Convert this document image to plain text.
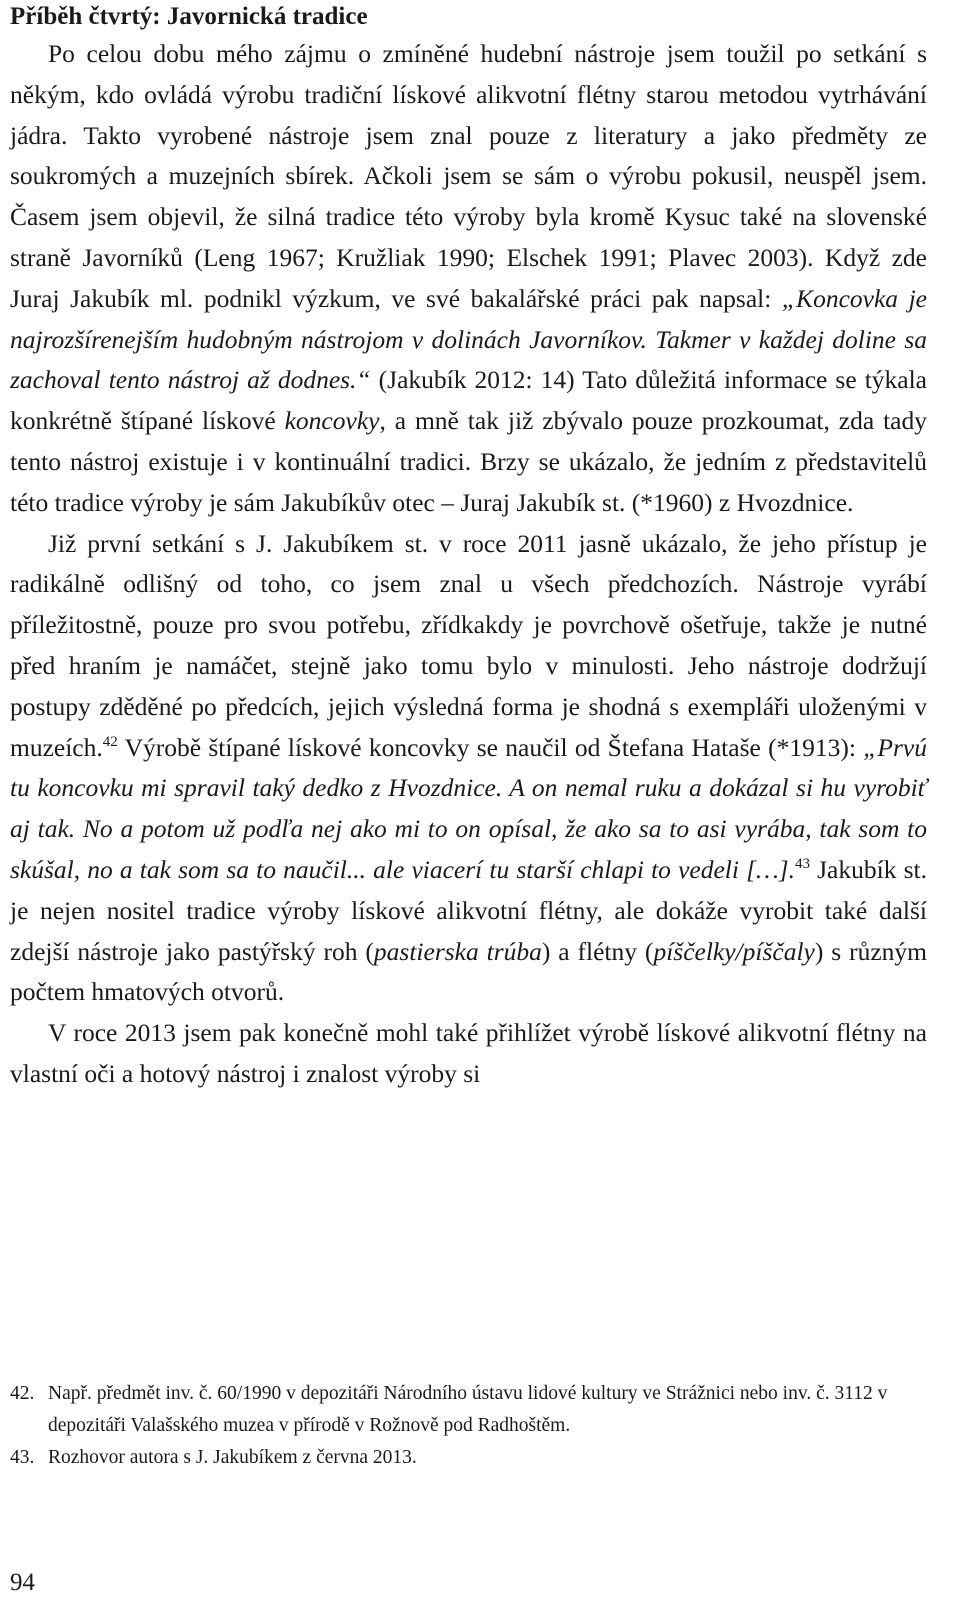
Příběh čtvrtý: Javornická tradice

Po celou dobu mého zájmu o zmíněné hudební nástroje jsem toužil po setkání s někým, kdo ovládá výrobu tradiční lískové alikvotní flétny starou metodou vytrhávání jádra. Takto vyrobené nástroje jsem znal pouze z literatury a jako předměty ze soukromých a muzejních sbírek. Ačkoli jsem se sám o výrobu pokusil, neuspěl jsem. Časem jsem objevil, že silná tradice této výroby byla kromě Kysuc také na slovenské straně Javorníků (Leng 1967; Kružliak 1990; Elschek 1991; Plavec 2003). Když zde Juraj Jakubík ml. podnikl výzkum, ve své bakalářské práci pak napsal: „Koncovka je najrozšírenejším hudobným nástrojom v dolinách Javorníkov. Takmer v každej doline sa zachoval tento nástroj až dodnes.“ (Jakubík 2012: 14) Tato důležitá informace se týkala konkrétně štípané lískové koncovky, a mně tak již zbývalo pouze prozkoumat, zda tady tento nástroj existuje i v kontinuální tradici. Brzy se ukázalo, že jedním z představitelů této tradice výroby je sám Jakubíkův otec – Juraj Jakubík st. (*1960) z Hvozdnice.

Již první setkání s J. Jakubíkem st. v roce 2011 jasně ukázalo, že jeho přístup je radikálně odlišný od toho, co jsem znal u všech předchozích. Nástroje vyrábí příležitostně, pouze pro svou potřebu, zřídkakdy je povrchově ošetřuje, takže je nutné před hraním je namáčet, stejně jako tomu bylo v minulosti. Jeho nástroje dodržují postupy zděděné po předcích, jejich výsledná forma je shodná s exempláři uloženými v muzeích.$^{42}$ Výrobě štípané lískové koncovky se naučil od Štefana Hataše (*1913): „Prvú tu koncovku mi spravil taký dedko z Hvozdnice. A on nemal ruku a dokázal si hu vyrobiť aj tak. No a potom už podľa nej ako mi to on opísal, že ako sa to asi vyrába, tak som to skúšal, no a tak som sa to naučil... ale viacerí tu starší chlapi to vedeli […].$^{43}$ Jakubík st. je nejen nositel tradice výroby lískové alikvotní flétny, ale dokáže vyrobit také další zdejší nástroje jako pastýřský roh (pastierska trúba) a flétny (píščelky/píščaly) s různým počtem hmatových otvorů.

V roce 2013 jsem pak konečně mohl také přihlížet výrobě lískové alikvotní flétny na vlastní oči a hotový nástroj i znalost výroby si

42. Např. předmět inv. č. 60/1990 v depozitáři Národního ústavu lidové kultury ve Strážnici nebo inv. č. 3112 v depozitáři Valašského muzea v přírodě v Rožnově pod Radhoštěm.

43. Rozhovor autora s J. Jakubíkem z června 2013.

94
